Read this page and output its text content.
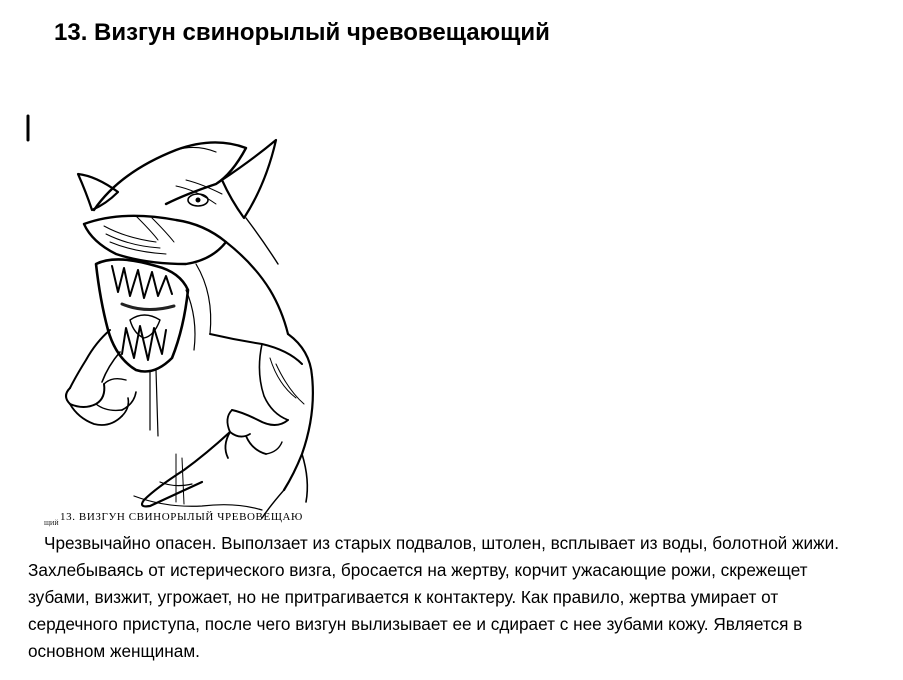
13. Визгун свинорылый чревовещающий
13. ВИЗГУН СВИНОРЫЛЫЙ ЧРЕВОВЕЩАЮ
ЩИЙ

Чрезвычайно опасен. Выползает из старых подвалов, штолен, всплывает из воды, болотной жижи. Захлебываясь от истерического визга, бросается на жертву, корчит ужасающие рожи, скрежещет зубами, визжит, угрожает, но не притрагивается к контактеру. Как правило, жертва умирает от сердечного приступа, после чего визгун вылизывает ее и сдирает с нее зубами кожу. Является в основном женщинам.
